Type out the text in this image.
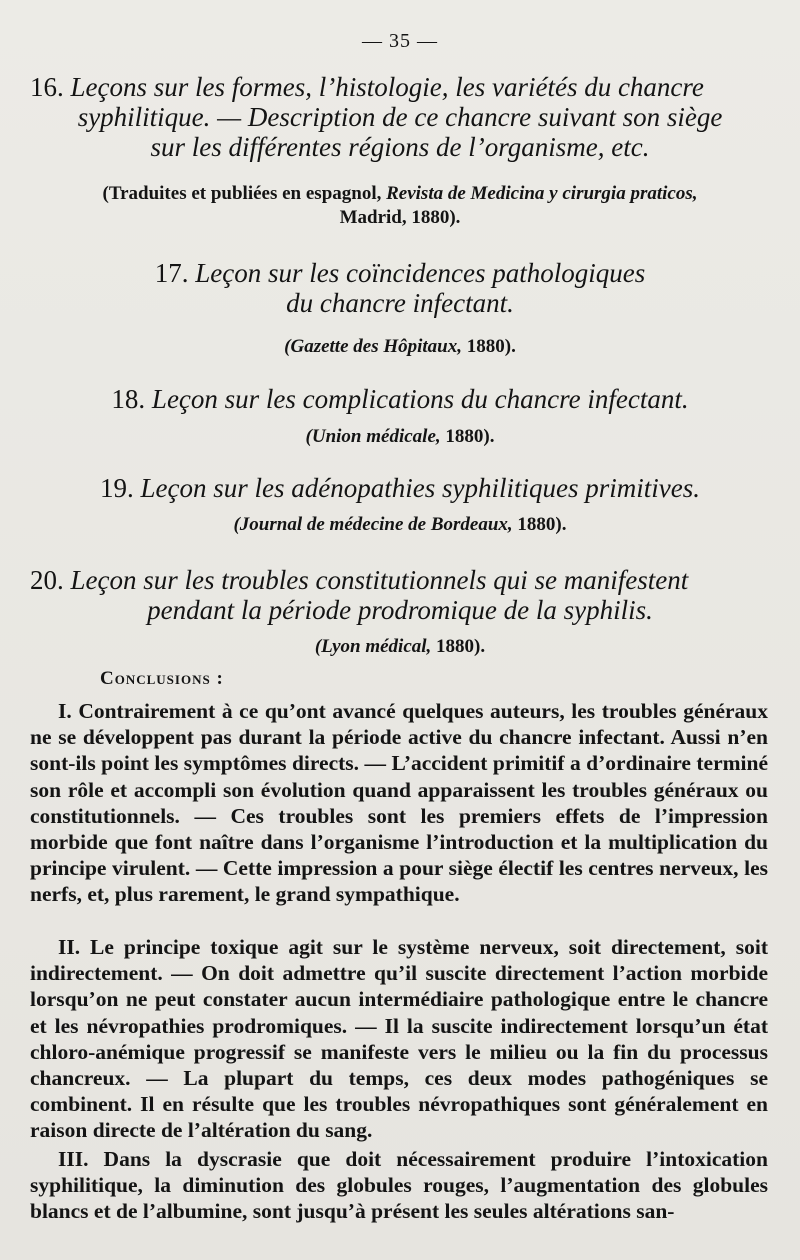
— 35 —
16. Leçons sur les formes, l’histologie, les variétés du chancre
syphilitique. — Description de ce chancre suivant son siège
sur les différentes régions de l’organisme, etc.
(Traduites et publiées en espagnol, Revista de Medicina y cirurgia praticos,
Madrid, 1880).
17. Leçon sur les coïncidences pathologiques
du chancre infectant.
(Gazette des Hôpitaux, 1880).
18. Leçon sur les complications du chancre infectant.
(Union médicale, 1880).
19. Leçon sur les adénopathies syphilitiques primitives.
(Journal de médecine de Bordeaux, 1880).
20. Leçon sur les troubles constitutionnels qui se manifestent
pendant la période prodromique de la syphilis.
(Lyon médical, 1880).
Conclusions :
I. Contrairement à ce qu’ont avancé quelques auteurs, les troubles généraux ne se développent pas durant la période active du chancre infectant. Aussi n’en sont-ils point les symptômes directs. — L’accident primitif a d’ordinaire terminé son rôle et accompli son évolution quand apparaissent les troubles généraux ou constitutionnels. — Ces troubles sont les premiers effets de l’impression morbide que font naître dans l’organisme l’introduction et la multiplication du principe virulent. — Cette impression a pour siège électif les centres nerveux, les nerfs, et, plus rarement, le grand sympathique.
II. Le principe toxique agit sur le système nerveux, soit directement, soit indirectement. — On doit admettre qu’il suscite directement l’action morbide lorsqu’on ne peut constater aucun intermédiaire pathologique entre le chancre et les névropathies prodromiques. — Il la suscite indirectement lorsqu’un état chloro-anémique progressif se manifeste vers le milieu ou la fin du processus chancreux. — La plupart du temps, ces deux modes pathogéniques se combinent. Il en résulte que les troubles névropathiques sont généralement en raison directe de l’altération du sang.
III. Dans la dyscrasie que doit nécessairement produire l’intoxication syphilitique, la diminution des globules rouges, l’augmentation des globules blancs et de l’albumine, sont jusqu’à présent les seules altérations san-
